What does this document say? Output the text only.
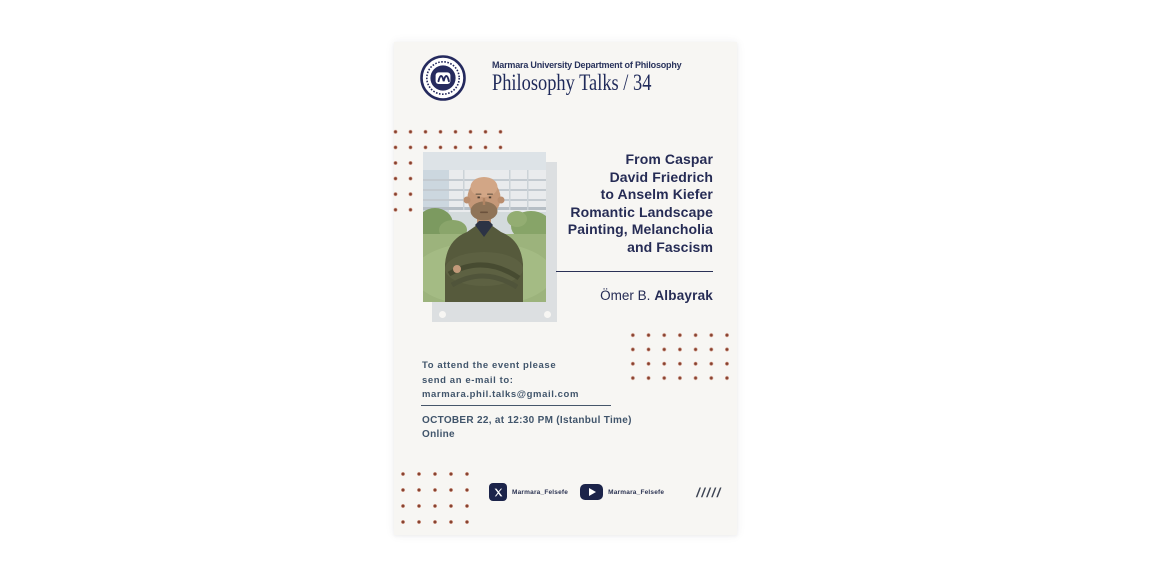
Marmara University Department of Philosophy
Philosophy Talks / 34
From Caspar
David Friedrich
to Anselm Kiefer
Romantic Landscape
Painting, Melancholia
and Fascism
Ömer B. Albayrak
To attend the event please
send an e-mail to:
marmara.phil.talks@gmail.com
OCTOBER 22, at 12:30 PM (Istanbul Time)
Online
Marmara_Felsefe	Marmara_Felsefe /////
